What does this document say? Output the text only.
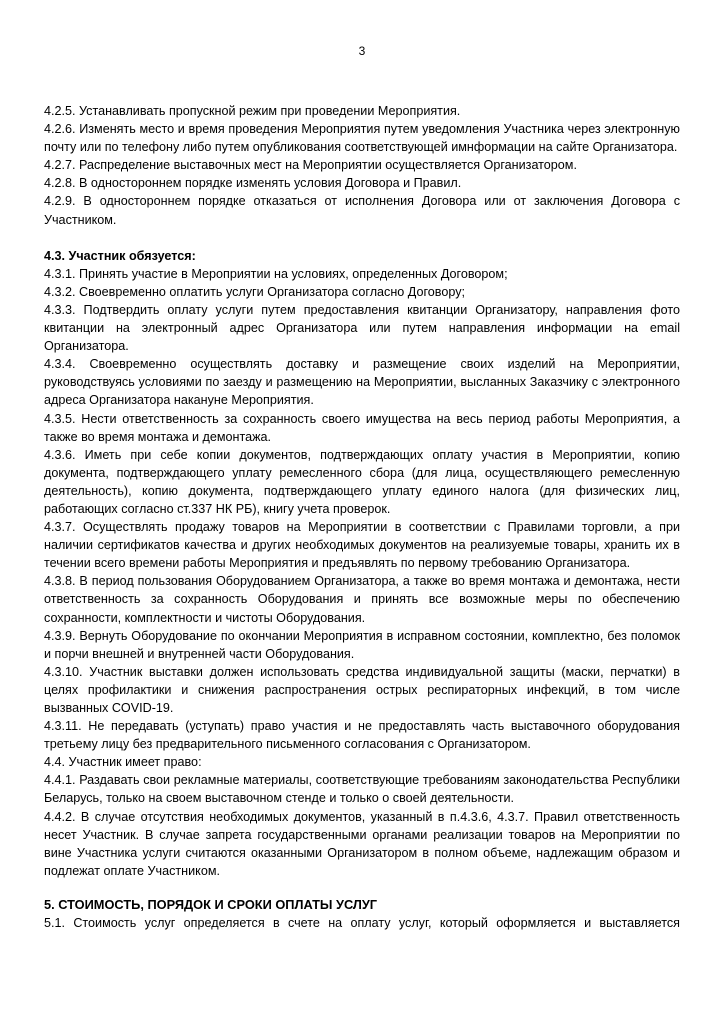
3

4.2.5. Устанавливать пропускной режим при проведении Мероприятия.

4.2.6. Изменять место и время проведения Мероприятия путем уведомления Участника через электронную почту или по телефону либо путем опубликования соответствующей имнформации на сайте Организатора.

4.2.7. Распределение выставочных мест на Мероприятии осуществляется Организатором.

4.2.8. В одностороннем порядке изменять условия Договора и Правил.

4.2.9. В одностороннем порядке отказаться от исполнения Договора или от заключения Договора с Участником.

4.3. Участник обязуется:

4.3.1. Принять участие в Мероприятии на условиях, определенных Договором;

4.3.2. Своевременно оплатить услуги Организатора согласно Договору;

4.3.3. Подтвердить оплату услуги путем предоставления квитанции Организатору, направления фото квитанции на электронный адрес Организатора или путем направления информации на email Организатора.

4.3.4. Своевременно осуществлять доставку и размещение своих изделий на Мероприятии, руководствуясь условиями по заезду и размещению на Мероприятии, высланных Заказчику с электронного адреса Организатора накануне Мероприятия.

4.3.5. Нести ответственность за сохранность своего имущества на весь период работы Мероприятия, а также во время монтажа и демонтажа.

4.3.6. Иметь при себе копии документов, подтверждающих оплату участия в Мероприятии, копию документа, подтверждающего уплату ремесленного сбора (для лица, осуществляющего ремесленную деятельность), копию документа, подтверждающего уплату единого налога (для физических лиц, работающих согласно ст.337 НК РБ), книгу учета проверок.

4.3.7. Осуществлять продажу товаров на Мероприятии в соответствии с Правилами торговли, а при наличии сертификатов качества и других необходимых документов на реализуемые товары, хранить их в течении всего времени работы Мероприятия и предъявлять по первому требованию Организатора.

4.3.8. В период пользования Оборудованием Организатора, а также во время монтажа и демонтажа, нести ответственность за сохранность Оборудования и принять все возможные меры по обеспечению сохранности, комплектности и чистоты Оборудования.

4.3.9. Вернуть Оборудование по окончании Мероприятия в исправном состоянии, комплектно, без поломок и порчи внешней и внутренней части Оборудования.

4.3.10. Участник выставки должен использовать средства индивидуальной защиты (маски, перчатки) в целях профилактики и снижения распространения острых респираторных инфекций, в том числе вызванных COVID-19.

4.3.11. Не передавать (уступать) право участия и не предоставлять часть выставочного оборудования третьему лицу без предварительного письменного согласования с Организатором.

4.4. Участник имеет право:

4.4.1. Раздавать свои рекламные материалы, соответствующие требованиям законодательства Республики Беларусь, только на своем выставочном стенде и только о своей деятельности.

4.4.2. В случае отсутствия необходимых документов, указанный в п.4.3.6, 4.3.7. Правил ответственность несет Участник. В случае запрета государственными органами реализации товаров на Мероприятии по вине Участника услуги считаются оказанными Организатором в полном объеме, надлежащим образом и подлежат оплате Участником.

5. СТОИМОСТЬ, ПОРЯДОК И СРОКИ ОПЛАТЫ УСЛУГ

5.1. Стоимость услуг определяется в счете на оплату услуг, который оформляется и выставляется
